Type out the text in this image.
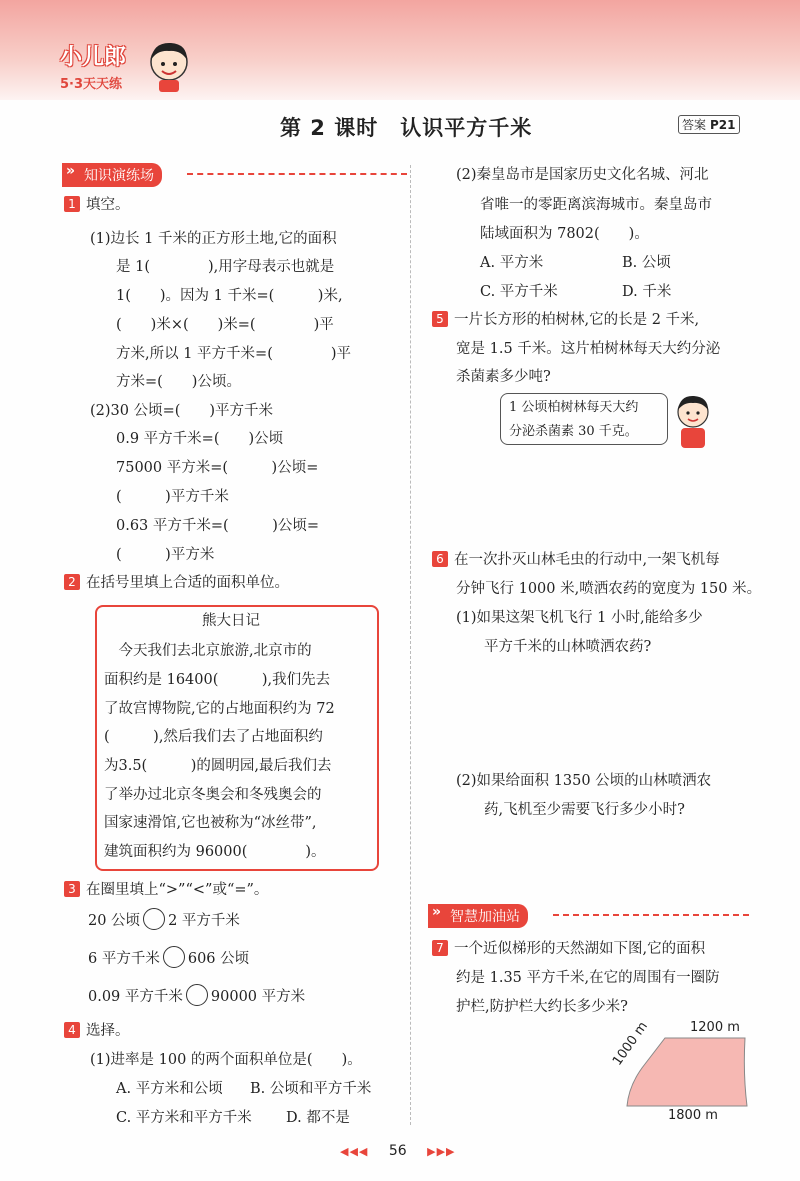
小儿郎
5·3天天练
第 2 课时　认识平方千米	答案 P21
» 知识演练场
1 填空。
(1)边长 1 千米的正方形土地,它的面积
是 1(　　　　),用字母表示也就是
1(　　)。因为 1 千米=(　　　)米,
(　　)米×(　　)米=(　　　　)平
方米,所以 1 平方千米=(　　　　)平
方米=(　　)公顷。
(2)30 公顷=(　　)平方千米
0.9 平方千米=(　　)公顷
75000 平方米=(　　　)公顷=
(　　　)平方千米
0.63 平方千米=(　　　)公顷=
(　　　)平方米
2 在括号里填上合适的面积单位。
熊大日记
　今天我们去北京旅游,北京市的
面积约是 16400(　　　),我们先去
了故宫博物院,它的占地面积约为 72
(　　　),然后我们去了占地面积约
为3.5(　　　)的圆明园,最后我们去
了举办过北京冬奥会和冬残奥会的
国家速滑馆,它也被称为“冰丝带”,
建筑面积约为 96000(　　　　)。
3 在圈里填上“>”“<”或“=”。
20 公顷 2 平方千米
6 平方千米 606 公顷
0.09 平方千米 90000 平方米
4 选择。
(1)进率是 100 的两个面积单位是(　　)。
A. 平方米和公顷 B. 公顷和平方千米
C. 平方米和平方千米 D. 都不是
(2)秦皇岛市是国家历史文化名城、河北
省唯一的零距离滨海城市。秦皇岛市
陆域面积为 7802(　　)。
A. 平方米	B. 公顷
C. 平方千米	D. 千米
5 一片长方形的柏树林,它的长是 2 千米,
宽是 1.5 千米。这片柏树林每天大约分泌
杀菌素多少吨?
1 公顷柏树林每天大约
分泌杀菌素 30 千克。
6 在一次扑灭山林毛虫的行动中,一架飞机每
分钟飞行 1000 米,喷洒农药的宽度为 150 米。
(1)如果这架飞机飞行 1 小时,能给多少
平方千米的山林喷洒农药?
(2)如果给面积 1350 公顷的山林喷洒农
药,飞机至少需要飞行多少小时?
» 智慧加油站
7 一个近似梯形的天然湖如下图,它的面积
约是 1.35 平方千米,在它的周围有一圈防
护栏,防护栏大约长多少米?
1200 m
1000 m
1800 m
◀◀◀ 56 ▶▶▶
